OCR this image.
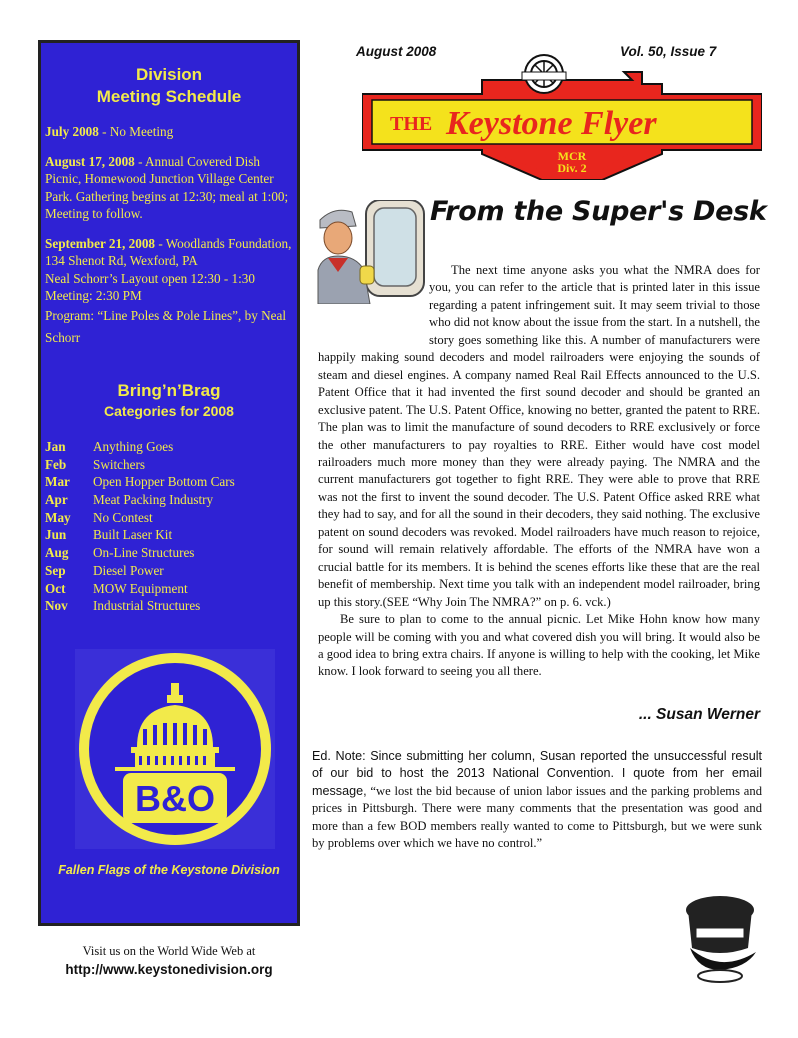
Division
Meeting Schedule

July 2008 - No Meeting

August 17, 2008 - Annual Covered Dish Picnic, Homewood Junction Village Center Park. Gathering begins at 12:30; meal at 1:00; Meeting to follow.

September 21, 2008 - Woodlands Foundation, 134 Shenot Rd, Wexford, PA

Neal Schorr’s Layout open 12:30 - 1:30
Meeting: 2:30 PM
Program: “Line Poles & Pole Lines”, by Neal Schorr
Bring’n’Brag
Categories for 2008
Jan Anything Goes
Feb Switchers
Mar Open Hopper Bottom Cars
Apr Meat Packing Industry
May No Contest
Jun Built Laser Kit
Aug On-Line Structures
Sep Diesel Power
Oct MOW Equipment
Nov Industrial Structures
B&O
Fallen Flags of the Keystone Division
Visit us on the World Wide Web at
http://www.keystonedivision.org
August 2008	Vol. 50, Issue 7
THE Keystone Flyer
MCR
Div. 2
From the Super's Desk

The next time anyone asks you what the NMRA does for you, you can refer to the article that is printed later in this issue regarding a patent infringement suit. It may seem trivial to those who did not know about the issue from the start. In a nutshell, the story goes something like this. A number of manufacturers were happily making sound decoders and model railroaders were enjoying the sounds of steam and diesel engines. A company named Real Rail Effects announced to the U.S. Patent Office that it had invented the first sound decoder and should be granted an exclusive patent. The U.S. Patent Office, knowing no better, granted the patent to RRE. The plan was to limit the manufacture of sound decoders to RRE exclusively or force the other manufacturers to pay royalties to RRE. Either would have cost model railroaders much more money than they were already paying. The NMRA and the current manufacturers got together to fight RRE. They were able to prove that RRE was not the first to invent the sound decoder. The U.S. Patent Office asked RRE what they had to say, and for all the sound in their decoders, they said nothing. The exclusive patent on sound decoders was revoked. Model railroaders have much reason to rejoice, for sound will remain relatively affordable. The efforts of the NMRA have won a crucial battle for its members. It is behind the scenes efforts like these that are the real benefit of membership. Next time you talk with an independent model railroader, bring up this story.(SEE “Why Join The NMRA?” on p. 6. vck.)

Be sure to plan to come to the annual picnic. Let Mike Hohn know how many people will be coming with you and what covered dish you will bring. It would also be a good idea to bring extra chairs. If anyone is willing to help with the cooking, let Mike know. I look forward to seeing you all there.

... Susan Werner
Ed. Note: Since submitting her column, Susan reported the unsuccessful result of our bid to host the 2013 National Convention. I quote from her email message, “we lost the bid because of union labor issues and the parking problems and prices in Pittsburgh. There were many comments that the presentation was good and more than a few BOD members really wanted to come to Pittsburgh, but we were sunk by problems over which we have no control.”
